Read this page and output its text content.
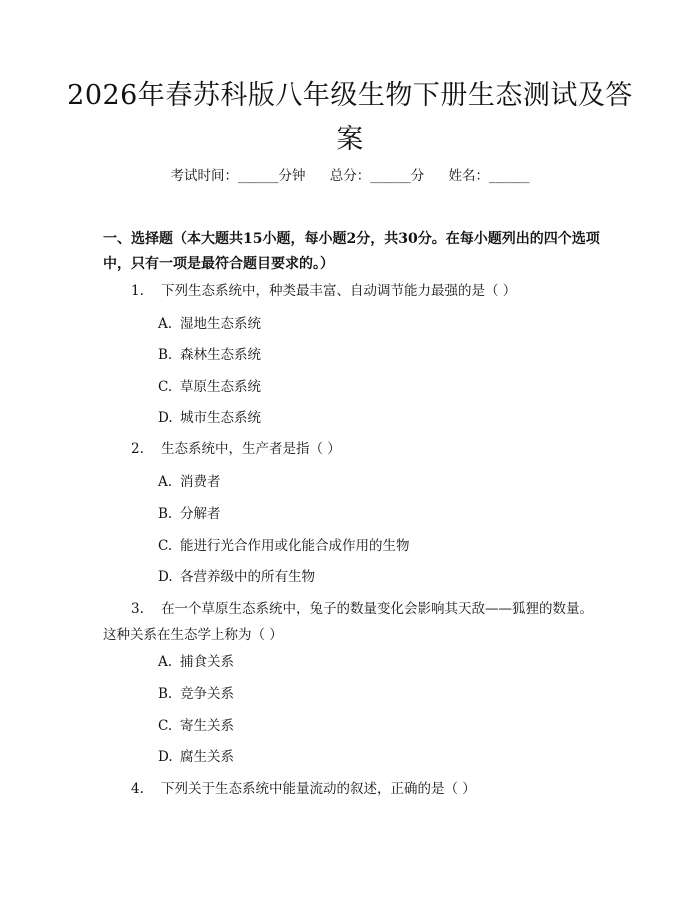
2026年春苏科版八年级生物下册生态测试及答案
考试时间：______分钟 总分：______分 姓名：______
一、选择题（本大题共15小题，每小题2分，共30分。在每小题列出的四个选项中，只有一项是最符合题目要求的。）
1. 下列生态系统中，种类最丰富、自动调节能力最强的是（ ）
A. 湿地生态系统
B. 森林生态系统
C. 草原生态系统
D. 城市生态系统
2. 生态系统中，生产者是指（ ）
A. 消费者
B. 分解者
C. 能进行光合作用或化能合成作用的生物
D. 各营养级中的所有生物
3. 在一个草原生态系统中，兔子的数量变化会影响其天敌——狐狸的数量。这种关系在生态学上称为（ ）
A. 捕食关系
B. 竞争关系
C. 寄生关系
D. 腐生关系
4. 下列关于生态系统中能量流动的叙述，正确的是（ ）
